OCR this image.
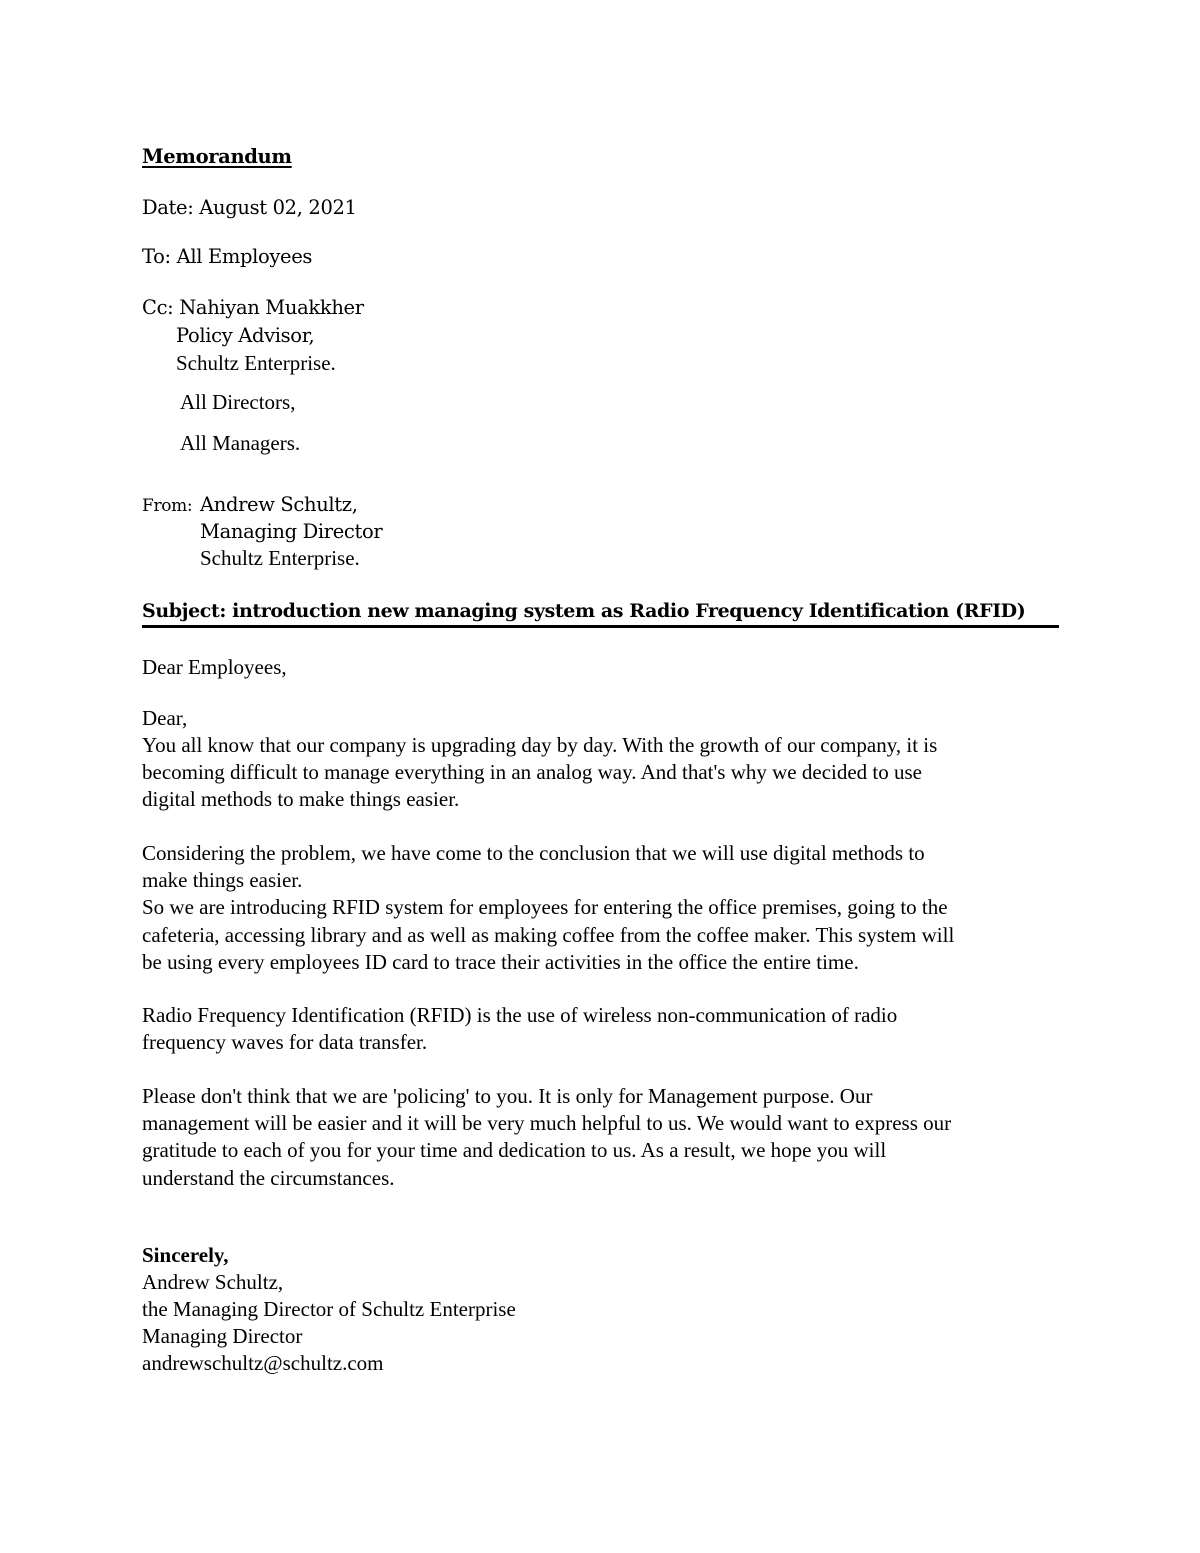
Memorandum
Date: August 02, 2021
To: All Employees
Cc: Nahiyan Muakkher
Policy Advisor,
Schultz Enterprise.
All Directors,
All Managers.
From: Andrew Schultz,
Managing Director
Schultz Enterprise.
Subject: introduction new managing system as Radio Frequency Identification (RFID)
Dear Employees,
Dear,
You all know that our company is upgrading day by day. With the growth of our company, it is
becoming difficult to manage everything in an analog way. And that's why we decided to use
digital methods to make things easier.
Considering the problem, we have come to the conclusion that we will use digital methods to
make things easier.
So we are introducing RFID system for employees for entering the office premises, going to the
cafeteria, accessing library and as well as making coffee from the coffee maker. This system will
be using every employees ID card to trace their activities in the office the entire time.
Radio Frequency Identification (RFID) is the use of wireless non-communication of radio
frequency waves for data transfer.
Please don't think that we are 'policing' to you. It is only for Management purpose. Our
management will be easier and it will be very much helpful to us. We would want to express our
gratitude to each of you for your time and dedication to us. As a result, we hope you will
understand the circumstances.
Sincerely,
Andrew Schultz,
the Managing Director of Schultz Enterprise
Managing Director
andrewschultz@schultz.com
